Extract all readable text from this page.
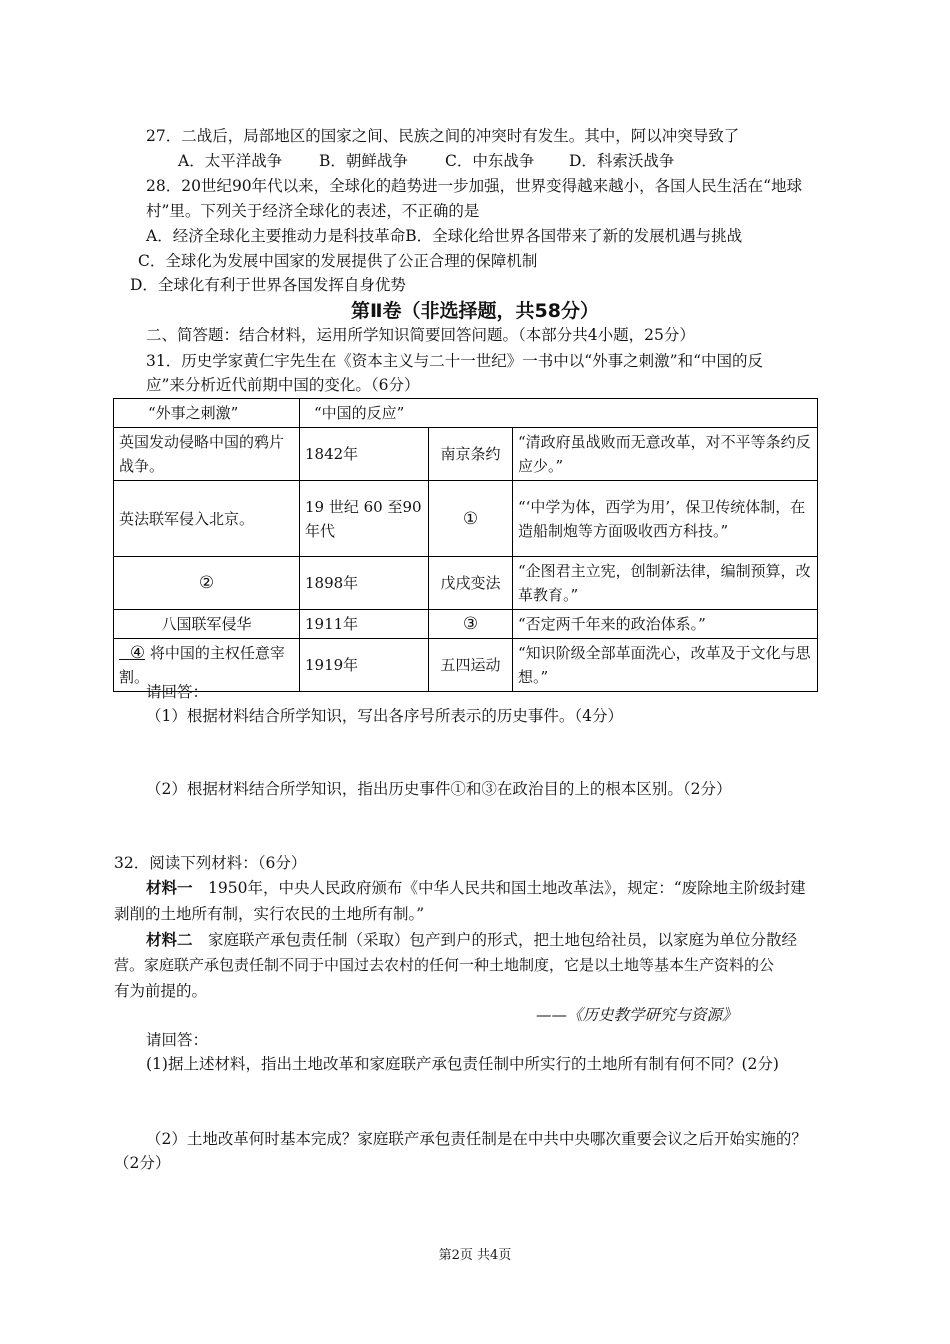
27．二战后，局部地区的国家之间、民族之间的冲突时有发生。其中，阿以冲突导致了
A．太平洋战争 B．朝鲜战争 C．中东战争 D．科索沃战争
28．20世纪90年代以来，全球化的趋势进一步加强，世界变得越来越小，各国人民生活在“地球
村”里。下列关于经济全球化的表述，不正确的是
A．经济全球化主要推动力是科技革命B．全球化给世界各国带来了新的发展机遇与挑战
C．全球化为发展中国家的发展提供了公正合理的保障机制
D．全球化有利于世界各国发挥自身优势
第Ⅱ卷（非选择题，共58分）
二、简答题：结合材料，运用所学知识简要回答问题。（本部分共4小题，25分）
31．历史学家黄仁宇先生在《资本主义与二十一世纪》一书中以“外事之刺激”和“中国的反
应”来分析近代前期中国的变化。（6分）
“外事之刺激”	“中国的反应”		
英国发动侵略中国的鸦片战争。	1842年	南京条约	“清政府虽战败而无意改革，对不平等条约反应少。”
英法联军侵入北京。	19 世纪 60 至90年代	①	“‘中学为体，西学为用’，保卫传统体制，在造船制炮等方面吸收西方科技。”
②	1898年	戊戌变法	“企图君主立宪，创制新法律，编制预算，改革教育。”
八国联军侵华	1911年	③	“否定两千年来的政治体系。”
④ 将中国的主权任意宰割。	1919年	五四运动	“知识阶级全部革面洗心，改革及于文化与思想。”
请回答：
（1）根据材料结合所学知识，写出各序号所表示的历史事件。（4分）
（2）根据材料结合所学知识，指出历史事件①和③在政治目的上的根本区别。（2分）
32．阅读下列材料：（6分）
材料一　1950年，中央人民政府颁布《中华人民共和国土地改革法》，规定：“废除地主阶级封建
剥削的土地所有制，实行农民的土地所有制。”
材料二　家庭联产承包责任制（采取）包产到户的形式，把土地包给社员，以家庭为单位分散经
营。家庭联产承包责任制不同于中国过去农村的任何一种土地制度，它是以土地等基本生产资料的公
有为前提的。
——《历史教学研究与资源》
请回答：
(1)据上述材料，指出土地改革和家庭联产承包责任制中所实行的土地所有制有何不同？(2分)
（2）土地改革何时基本完成？家庭联产承包责任制是在中共中央哪次重要会议之后开始实施的？
（2分）
第2页 共4页
